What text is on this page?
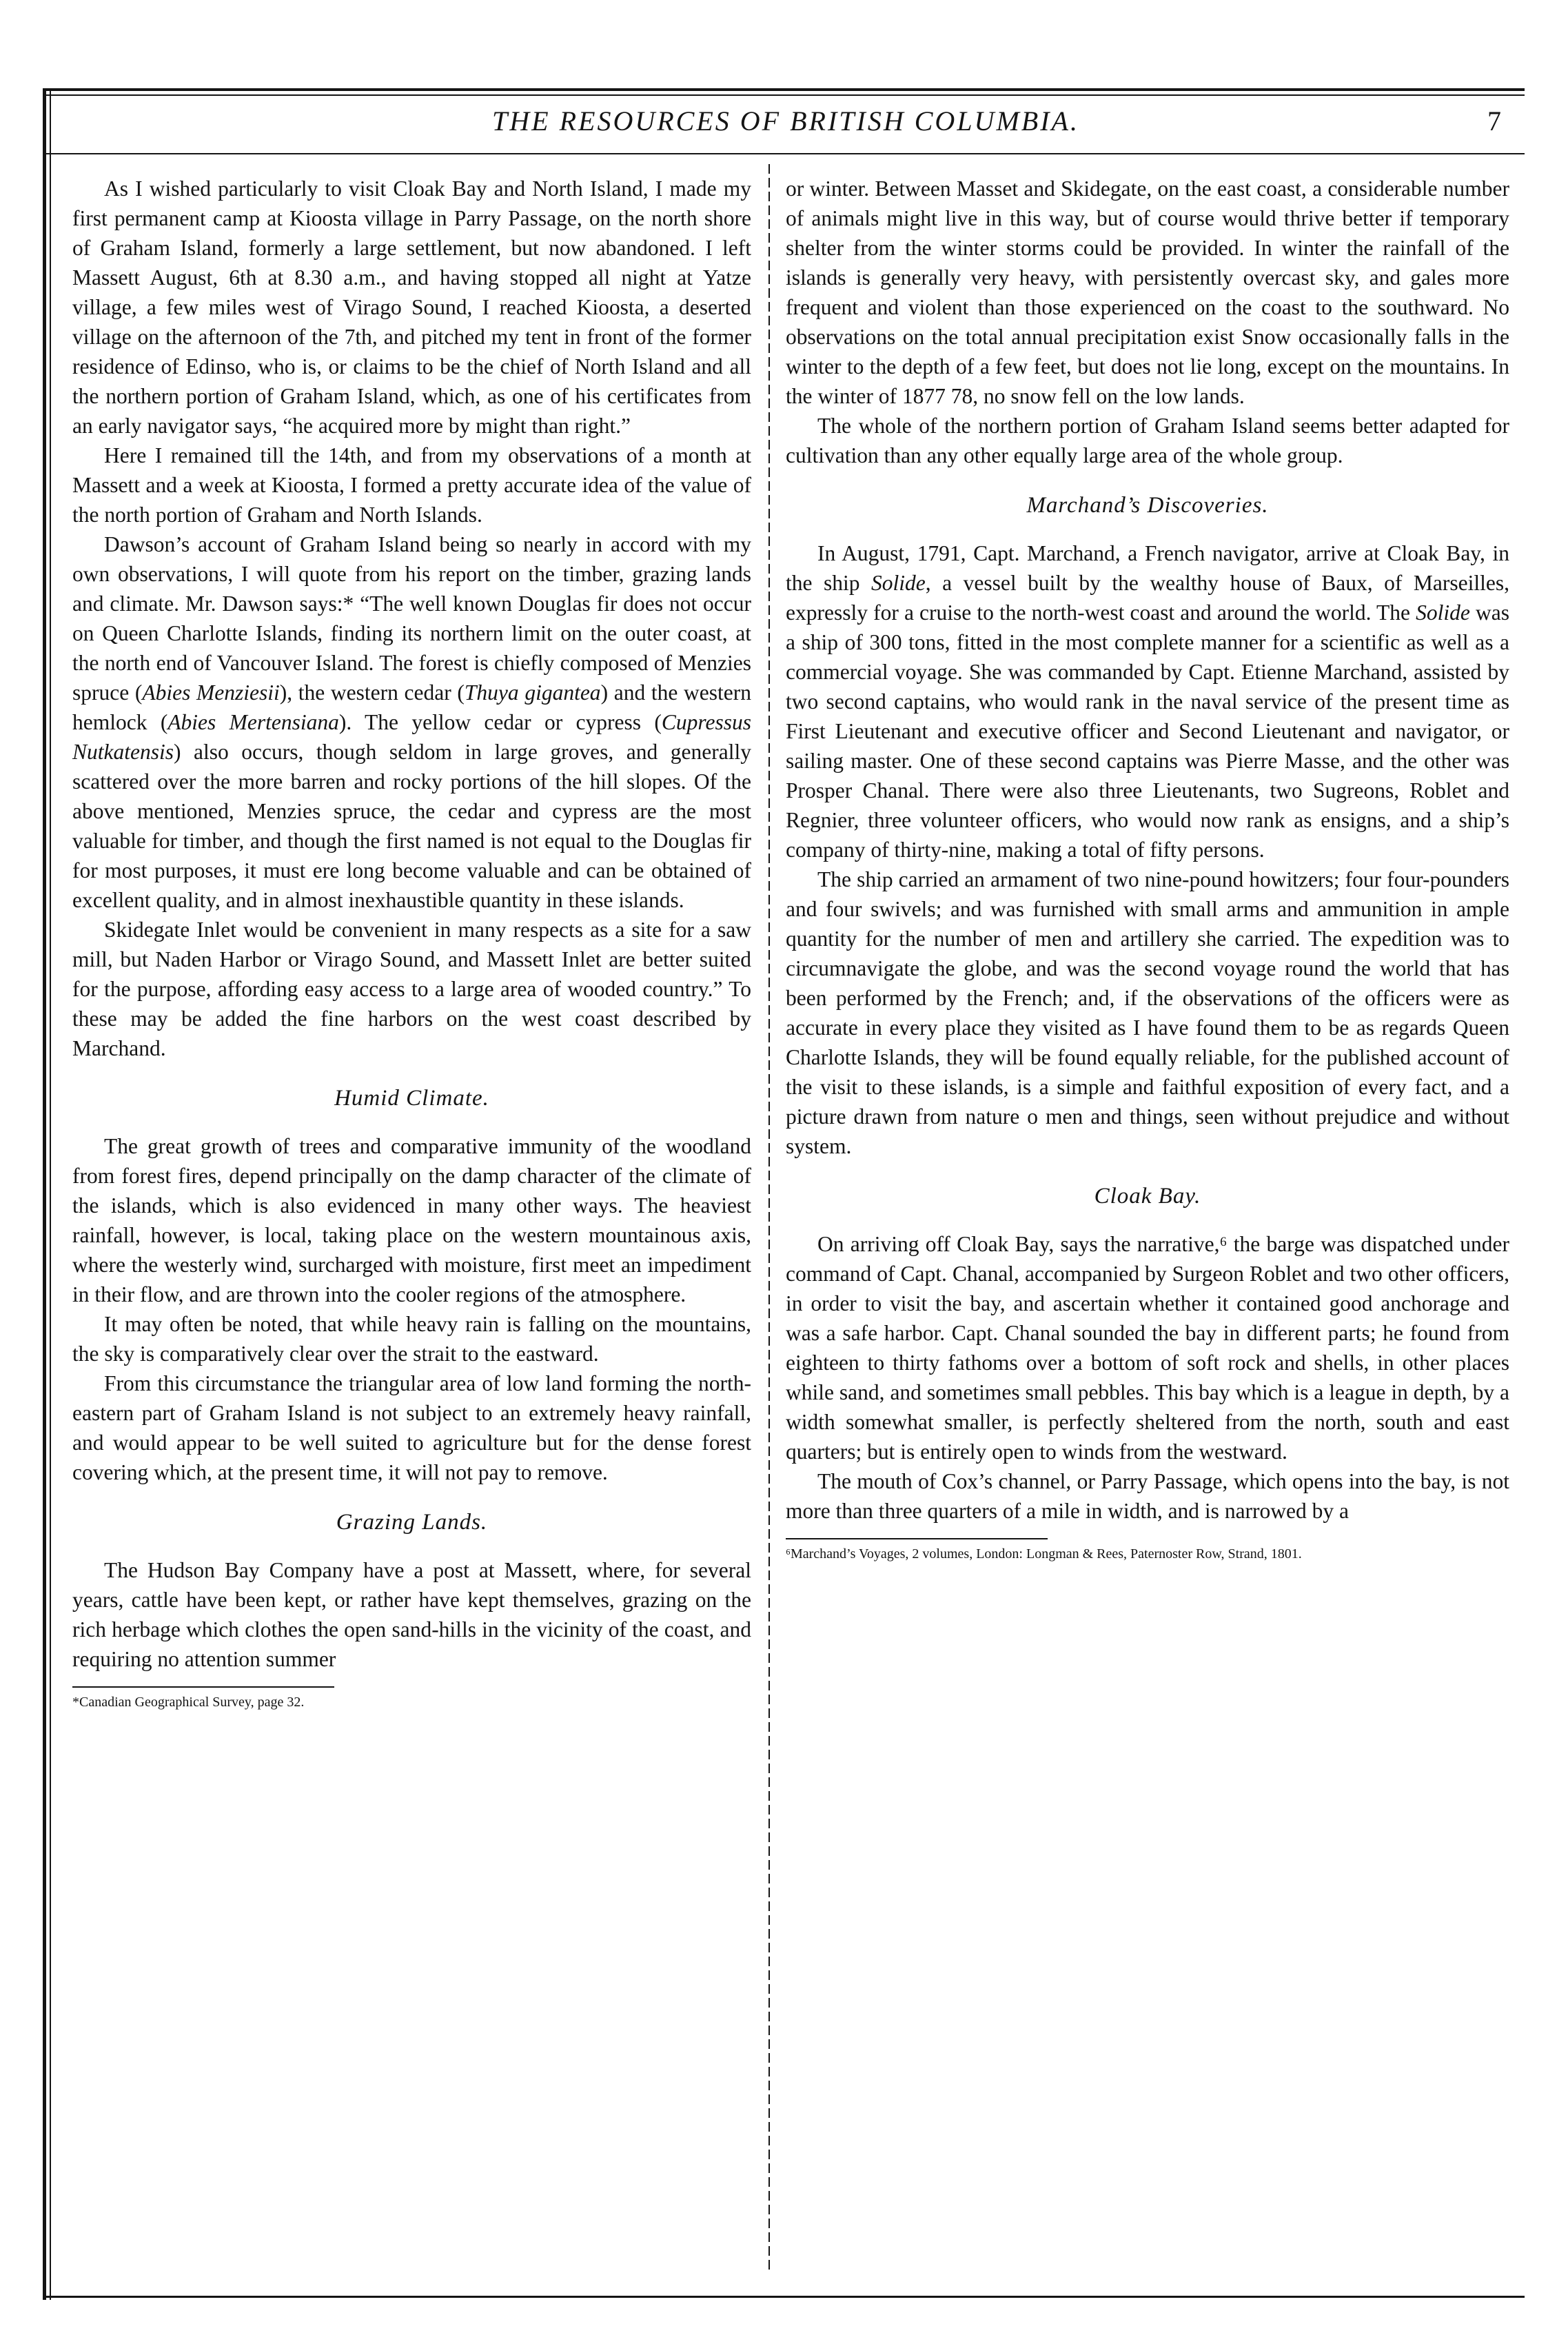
THE RESOURCES OF BRITISH COLUMBIA.	7

As I wished particularly to visit Cloak Bay and North Island, I made my first permanent camp at Kioosta village in Parry Passage, on the north shore of Graham Island, formerly a large settlement, but now abandoned. I left Massett August, 6th at 8.30 a.m., and having stopped all night at Yatze village, a few miles west of Virago Sound, I reached Kioosta, a deserted village on the afternoon of the 7th, and pitched my tent in front of the former residence of Edinso, who is, or claims to be the chief of North Island and all the northern portion of Graham Island, which, as one of his certificates from an early navigator says, “he acquired more by might than right.”

Here I remained till the 14th, and from my observations of a month at Massett and a week at Kioosta, I formed a pretty accurate idea of the value of the north portion of Graham and North Islands.

Dawson’s account of Graham Island being so nearly in accord with my own observations, I will quote from his report on the timber, grazing lands and climate. Mr. Dawson says:* “The well known Douglas fir does not occur on Queen Charlotte Islands, finding its northern limit on the outer coast, at the north end of Vancouver Island. The forest is chiefly composed of Menzies spruce (Abies Menziesii), the western cedar (Thuya gigantea) and the western hemlock (Abies Mertensiana). The yellow cedar or cypress (Cupressus Nutkatensis) also occurs, though seldom in large groves, and generally scattered over the more barren and rocky portions of the hill slopes. Of the above mentioned, Menzies spruce, the cedar and cypress are the most valuable for timber, and though the first named is not equal to the Douglas fir for most purposes, it must ere long become valuable and can be obtained of excellent quality, and in almost inexhaustible quantity in these islands.

Skidegate Inlet would be convenient in many respects as a site for a saw mill, but Naden Harbor or Virago Sound, and Massett Inlet are better suited for the purpose, affording easy access to a large area of wooded country.” To these may be added the fine harbors on the west coast described by Marchand.

Humid Climate.

The great growth of trees and comparative immunity of the woodland from forest fires, depend principally on the damp character of the climate of the islands, which is also evidenced in many other ways. The heaviest rainfall, however, is local, taking place on the western mountainous axis, where the westerly wind, surcharged with moisture, first meet an impediment in their flow, and are thrown into the cooler regions of the atmosphere.

It may often be noted, that while heavy rain is falling on the mountains, the sky is comparatively clear over the strait to the eastward.

From this circumstance the triangular area of low land forming the north-eastern part of Graham Island is not subject to an extremely heavy rainfall, and would appear to be well suited to agriculture but for the dense forest covering which, at the present time, it will not pay to remove.

Grazing Lands.

The Hudson Bay Company have a post at Massett, where, for several years, cattle have been kept, or rather have kept themselves, grazing on the rich herbage which clothes the open sand-hills in the vicinity of the coast, and requiring no attention summer

*Canadian Geographical Survey, page 32.

or winter. Between Masset and Skidegate, on the east coast, a considerable number of animals might live in this way, but of course would thrive better if temporary shelter from the winter storms could be provided. In winter the rainfall of the islands is generally very heavy, with persistently overcast sky, and gales more frequent and violent than those experienced on the coast to the southward. No observations on the total annual precipitation exist Snow occasionally falls in the winter to the depth of a few feet, but does not lie long, except on the mountains. In the winter of 1877 78, no snow fell on the low lands.

The whole of the northern portion of Graham Island seems better adapted for cultivation than any other equally large area of the whole group.

Marchand’s Discoveries.

In August, 1791, Capt. Marchand, a French navigator, arrive at Cloak Bay, in the ship Solide, a vessel built by the wealthy house of Baux, of Marseilles, expressly for a cruise to the north-west coast and around the world. The Solide was a ship of 300 tons, fitted in the most complete manner for a scientific as well as a commercial voyage. She was commanded by Capt. Etienne Marchand, assisted by two second captains, who would rank in the naval service of the present time as First Lieutenant and executive officer and Second Lieutenant and navigator, or sailing master. One of these second captains was Pierre Masse, and the other was Prosper Chanal. There were also three Lieutenants, two Sugreons, Roblet and Regnier, three volunteer officers, who would now rank as ensigns, and a ship’s company of thirty-nine, making a total of fifty persons.

The ship carried an armament of two nine-pound howitzers; four four-pounders and four swivels; and was furnished with small arms and ammunition in ample quantity for the number of men and artillery she carried. The expedition was to circumnavigate the globe, and was the second voyage round the world that has been performed by the French; and, if the observations of the officers were as accurate in every place they visited as I have found them to be as regards Queen Charlotte Islands, they will be found equally reliable, for the published account of the visit to these islands, is a simple and faithful exposition of every fact, and a picture drawn from nature o men and things, seen without prejudice and without system.

Cloak Bay.

On arriving off Cloak Bay, says the narrative,⁶ the barge was dispatched under command of Capt. Chanal, accompanied by Surgeon Roblet and two other officers, in order to visit the bay, and ascertain whether it contained good anchorage and was a safe harbor. Capt. Chanal sounded the bay in different parts; he found from eighteen to thirty fathoms over a bottom of soft rock and shells, in other places while sand, and sometimes small pebbles. This bay which is a league in depth, by a width somewhat smaller, is perfectly sheltered from the north, south and east quarters; but is entirely open to winds from the westward.

The mouth of Cox’s channel, or Parry Passage, which opens into the bay, is not more than three quarters of a mile in width, and is narrowed by a

⁶Marchand’s Voyages, 2 volumes, London: Longman & Rees, Paternoster Row, Strand, 1801.
